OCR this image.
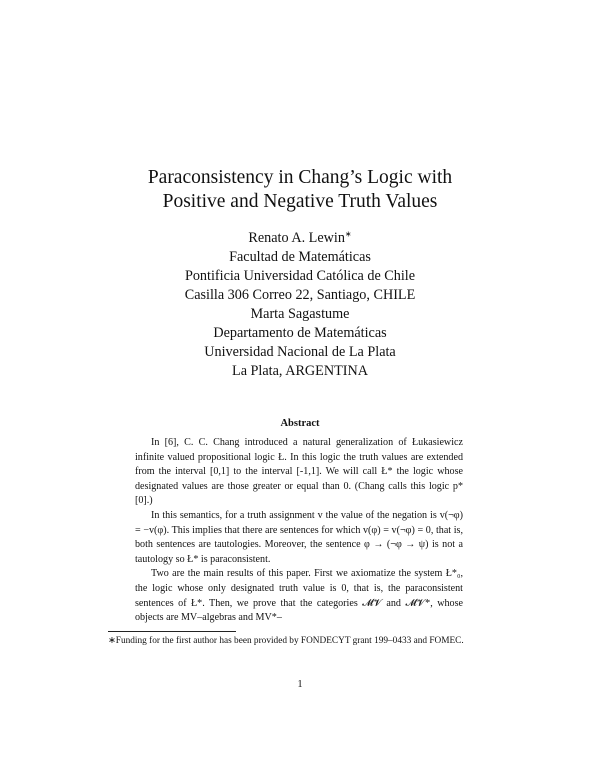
Paraconsistency in Chang’s Logic with
Positive and Negative Truth Values
Renato A. Lewin∗
Facultad de Matemáticas
Pontificia Universidad Católica de Chile
Casilla 306 Correo 22, Santiago, CHILE
Marta Sagastume
Departamento de Matemáticas
Universidad Nacional de La Plata
La Plata, ARGENTINA
Abstract

In [6], C. C. Chang introduced a natural generalization of Łukasiewicz infinite valued propositional logic Ł. In this logic the truth values are extended from the interval [0,1] to the interval [-1,1]. We will call Ł* the logic whose designated values are those greater or equal than 0. (Chang calls this logic p*[0].)

In this semantics, for a truth assignment v the value of the negation is v(¬φ) = −v(φ). This implies that there are sentences for which v(φ) = v(¬φ) = 0, that is, both sentences are tautologies. Moreover, the sentence φ → (¬φ → ψ) is not a tautology so Ł* is paraconsistent.

Two are the main results of this paper. First we axiomatize the system Ł*₀, the logic whose only designated truth value is 0, that is, the paraconsistent sentences of Ł*. Then, we prove that the categories 𝓜𝓥 and 𝓜𝓥*, whose objects are MV–algebras and MV*–

∗Funding for the first author has been provided by FONDECYT grant 199–0433 and FOMEC.
1
